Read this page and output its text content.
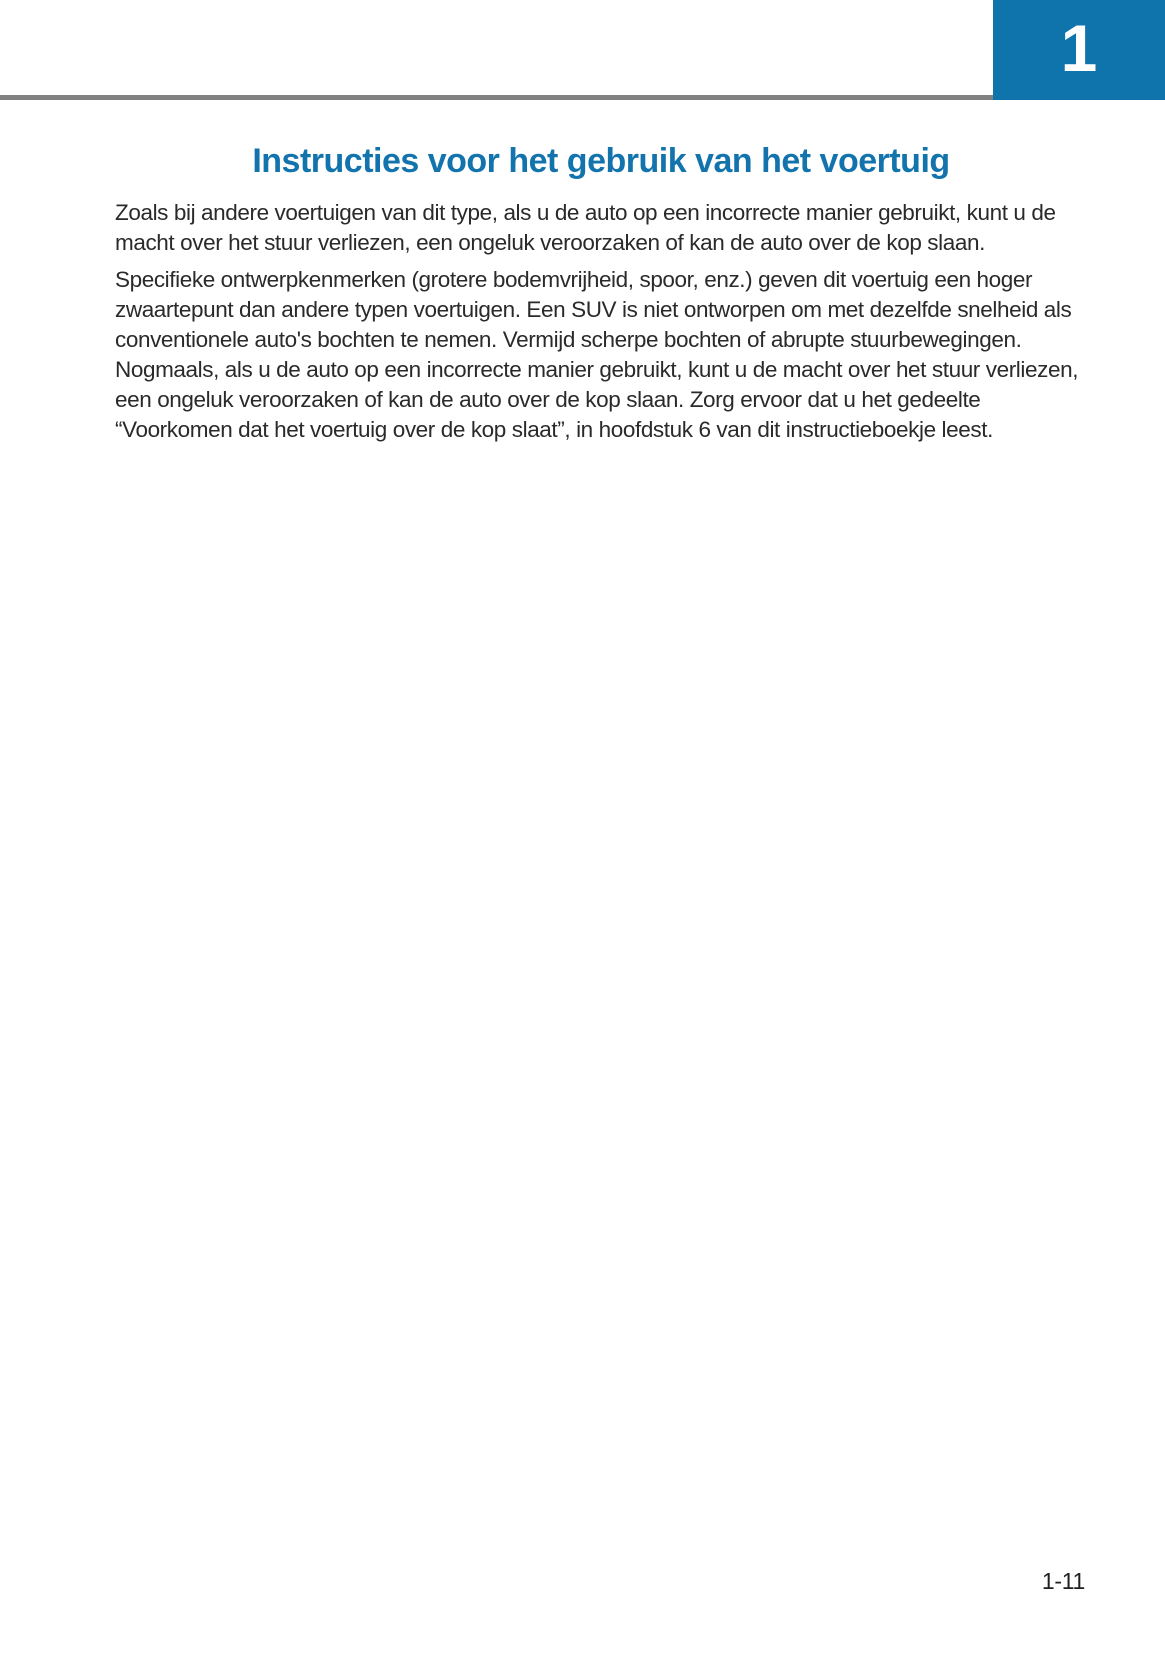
1
Instructies voor het gebruik van het voertuig

Zoals bij andere voertuigen van dit type, als u de auto op een incorrecte manier gebruikt, kunt u de macht over het stuur verliezen, een ongeluk veroorzaken of kan de auto over de kop slaan.

Specifieke ontwerpkenmerken (grotere bodemvrijheid, spoor, enz.) geven dit voertuig een hoger zwaartepunt dan andere typen voertuigen. Een SUV is niet ontworpen om met dezelfde snelheid als conventionele auto's bochten te nemen. Vermijd scherpe bochten of abrupte stuurbewegingen. Nogmaals, als u de auto op een incorrecte manier gebruikt, kunt u de macht over het stuur verliezen, een ongeluk veroorzaken of kan de auto over de kop slaan. Zorg ervoor dat u het gedeelte “Voorkomen dat het voertuig over de kop slaat”, in hoofdstuk 6 van dit instructieboekje leest.

1-11
